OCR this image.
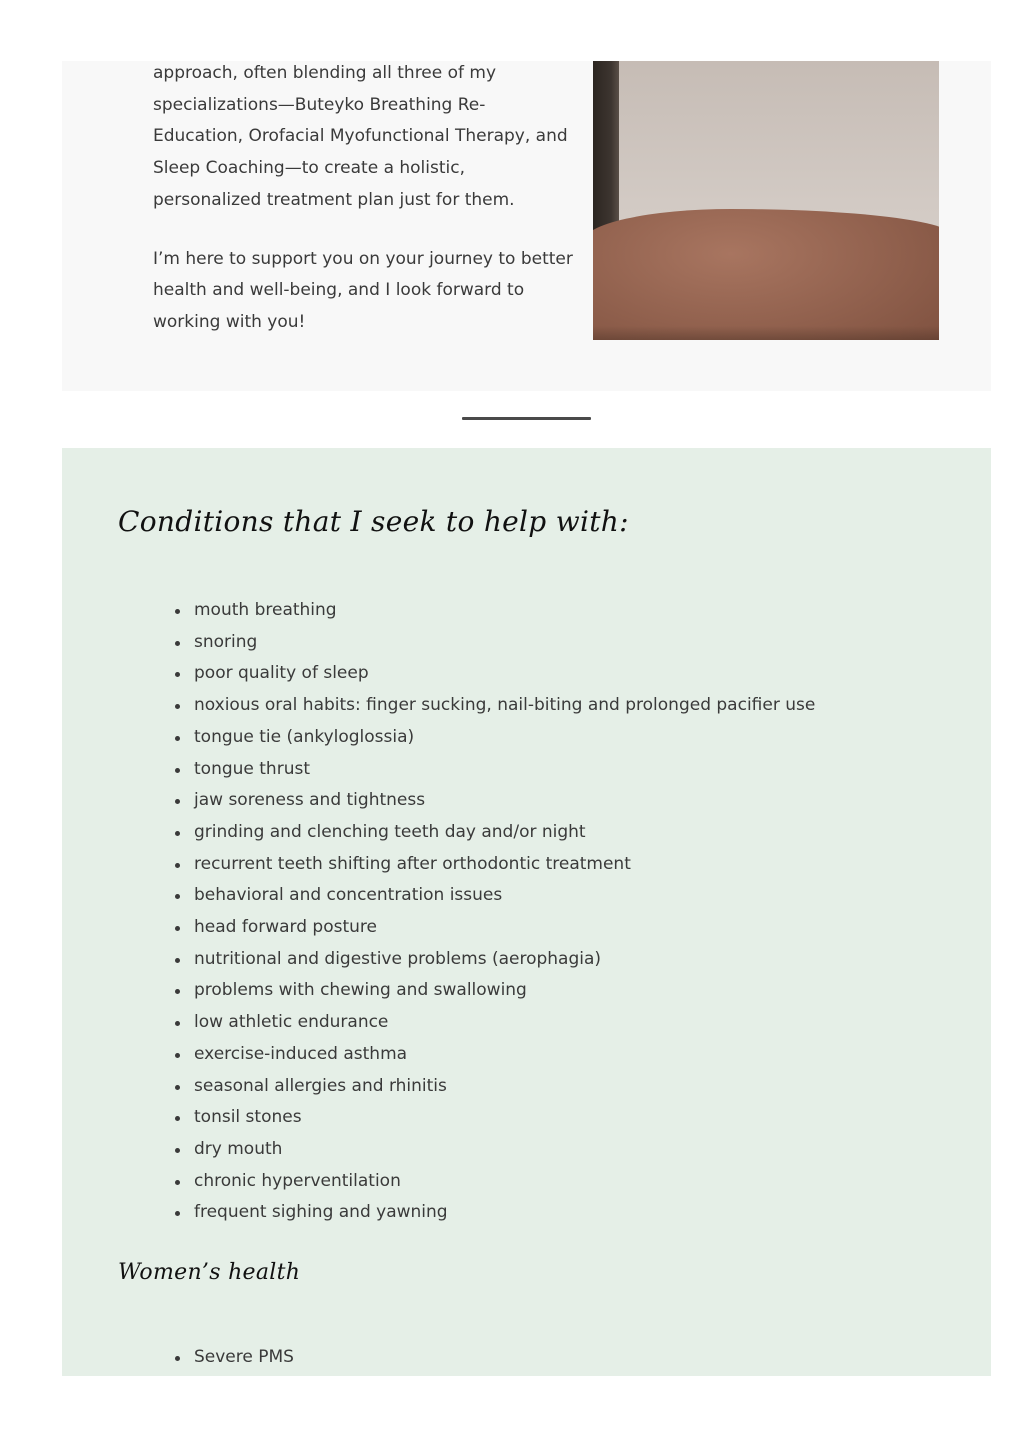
approach, often blending all three of my specializations—Buteyko Breathing Re-Education, Orofacial Myofunctional Therapy, and Sleep Coaching—to create a holistic, personalized treatment plan just for them.

I’m here to support you on your journey to better health and well-being, and I look forward to working with you!

Conditions that I seek to help with:
mouth breathing
snoring
poor quality of sleep
noxious oral habits: finger sucking, nail-biting and prolonged pacifier use
tongue tie (ankyloglossia)
tongue thrust
jaw soreness and tightness
grinding and clenching teeth day and/or night
recurrent teeth shifting after orthodontic treatment
behavioral and concentration issues
head forward posture
nutritional and digestive problems (aerophagia)
problems with chewing and swallowing
low athletic endurance
exercise-induced asthma
seasonal allergies and rhinitis
tonsil stones
dry mouth
chronic hyperventilation
frequent sighing and yawning
Women’s health
Severe PMS
